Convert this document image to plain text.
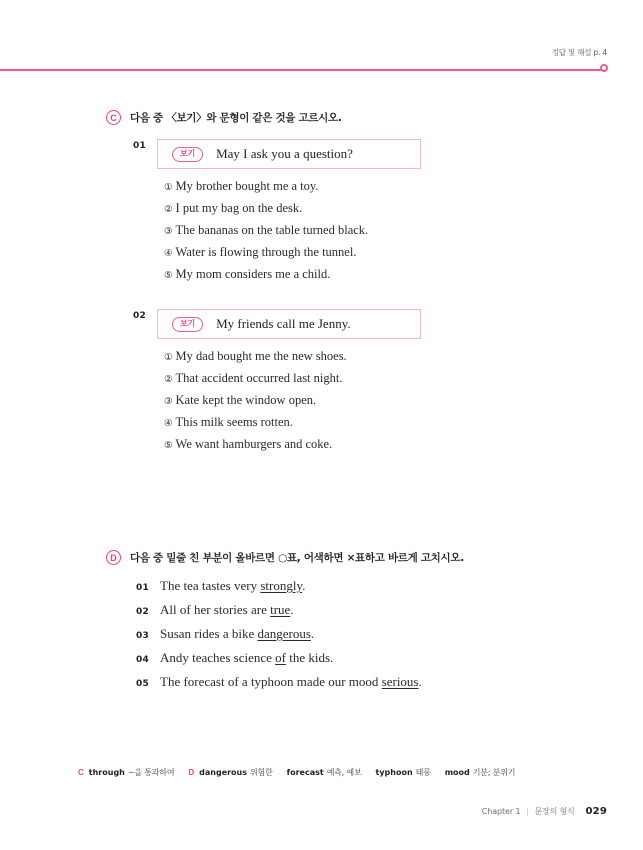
정답 및 해설 p. 4
C	다음 중 〈보기〉와 문형이 같은 것을 고르시오.
01
보기	May I ask you a question?
① My brother bought me a toy.
② I put my bag on the desk.
③ The bananas on the table turned black.
④ Water is flowing through the tunnel.
⑤ My mom considers me a child.
02
보기	My friends call me Jenny.
① My dad bought me the new shoes.
② That accident occurred last night.
③ Kate kept the window open.
④ This milk seems rotten.
⑤ We want hamburgers and coke.
D	다음 중 밑줄 친 부분이 올바르면 ○표, 어색하면 ×표하고 바르게 고치시오.
01 The tea tastes very strongly.
02 All of her stories are true.
03 Susan rides a bike dangerous.
04 Andy teaches science of the kids.
05 The forecast of a typhoon made our mood serious.
C through ~을 통과하여 D dangerous 위험한 forecast 예측, 예보 typhoon 태풍 mood 기분; 분위기
Chapter 1 | 문장의 형식 029
